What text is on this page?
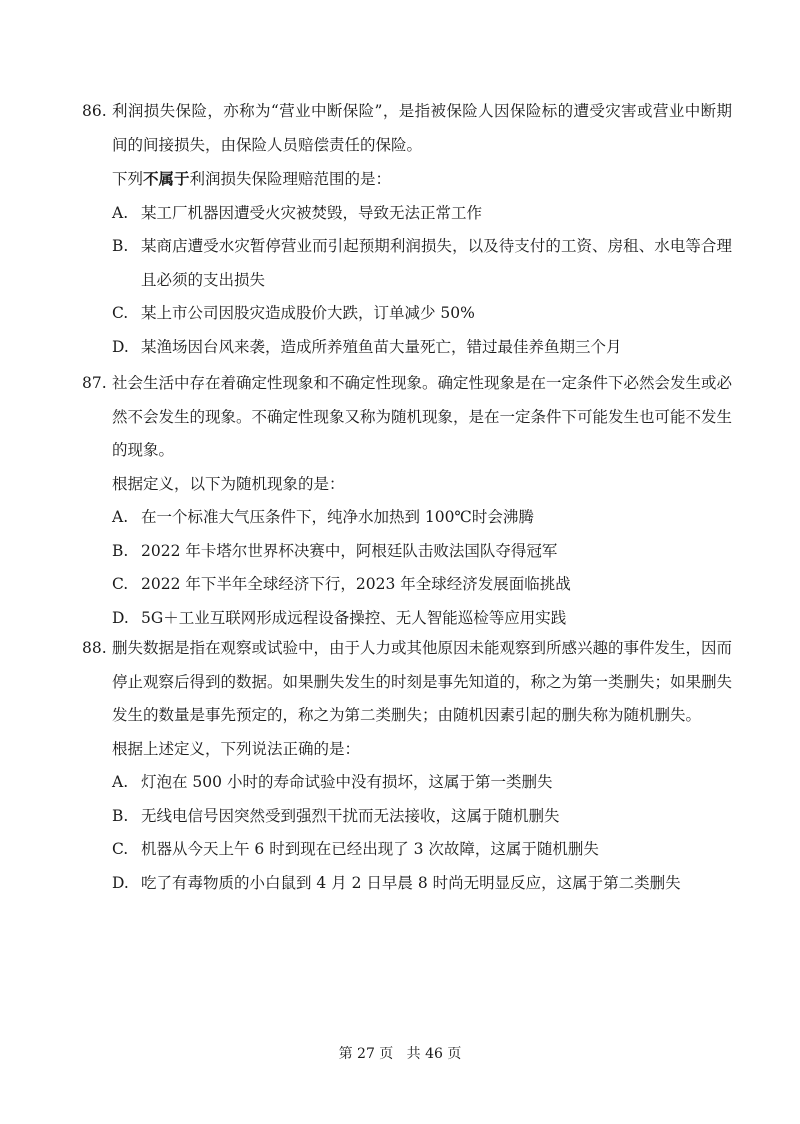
86. 利润损失保险，亦称为“营业中断保险”，是指被保险人因保险标的遭受灾害或营业中断期间的间接损失，由保险人员赔偿责任的保险。
下列不属于利润损失保险理赔范围的是：
A. 某工厂机器因遭受火灾被焚毁，导致无法正常工作
B. 某商店遭受水灾暂停营业而引起预期利润损失，以及待支付的工资、房租、水电等合理且必须的支出损失
C. 某上市公司因股灾造成股价大跌，订单减少 50%
D. 某渔场因台风来袭，造成所养殖鱼苗大量死亡，错过最佳养鱼期三个月
87. 社会生活中存在着确定性现象和不确定性现象。确定性现象是在一定条件下必然会发生或必然不会发生的现象。不确定性现象又称为随机现象，是在一定条件下可能发生也可能不发生的现象。
根据定义，以下为随机现象的是：
A. 在一个标准大气压条件下，纯净水加热到 100℃时会沸腾
B. 2022 年卡塔尔世界杯决赛中，阿根廷队击败法国队夺得冠军
C. 2022 年下半年全球经济下行，2023 年全球经济发展面临挑战
D. 5G＋工业互联网形成远程设备操控、无人智能巡检等应用实践
88. 删失数据是指在观察或试验中，由于人力或其他原因未能观察到所感兴趣的事件发生，因而停止观察后得到的数据。如果删失发生的时刻是事先知道的，称之为第一类删失；如果删失发生的数量是事先预定的，称之为第二类删失；由随机因素引起的删失称为随机删失。
根据上述定义，下列说法正确的是：
A. 灯泡在 500 小时的寿命试验中没有损坏，这属于第一类删失
B. 无线电信号因突然受到强烈干扰而无法接收，这属于随机删失
C. 机器从今天上午 6 时到现在已经出现了 3 次故障，这属于随机删失
D. 吃了有毒物质的小白鼠到 4 月 2 日早晨 8 时尚无明显反应，这属于第二类删失
第 27 页 共 46 页
